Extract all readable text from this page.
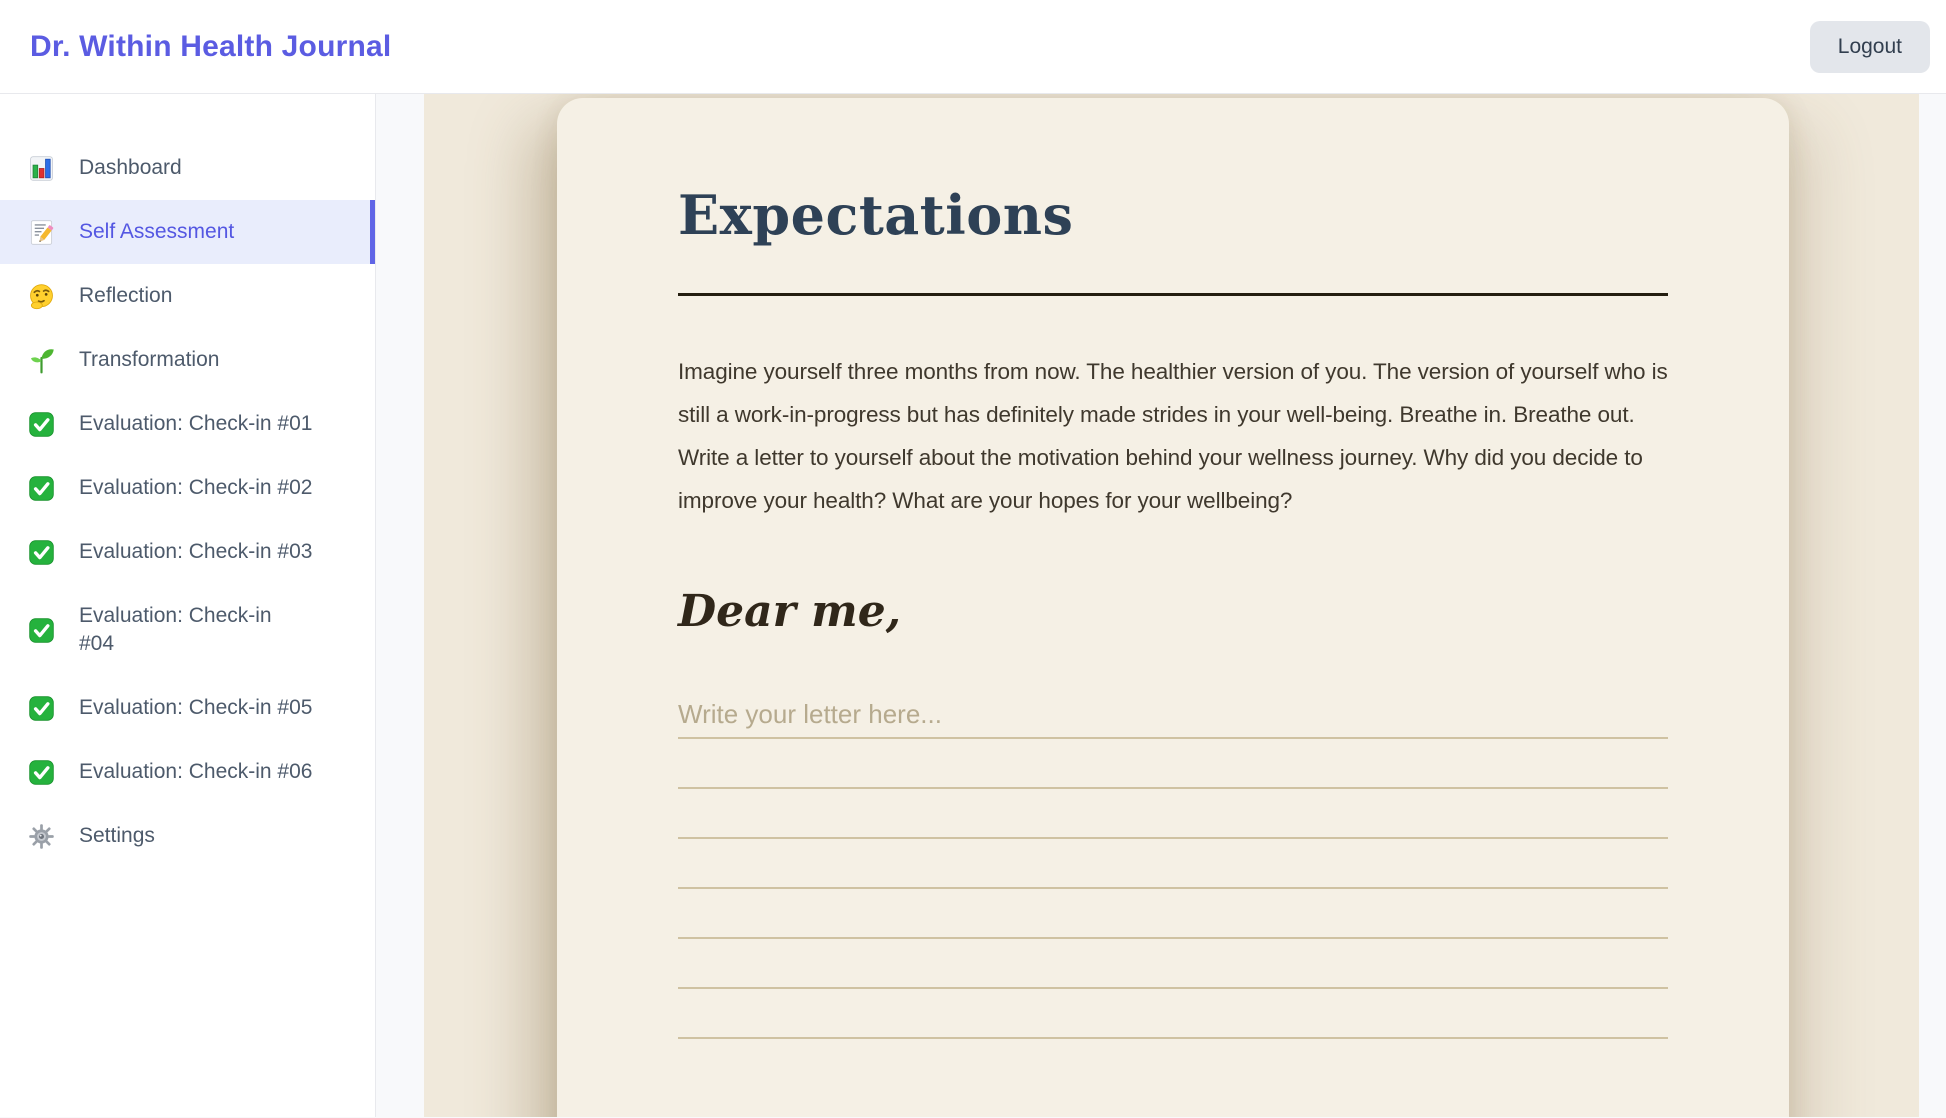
Dr. Within Health Journal	Logout
Dashboard
Self Assessment
Reflection
Transformation
Evaluation: Check-in #01
Evaluation: Check-in #02
Evaluation: Check-in #03
Evaluation: Check-in #04
Evaluation: Check-in #05
Evaluation: Check-in #06
Settings
Expectations

Imagine yourself three months from now. The healthier version of you. The version of yourself who is still a work-in-progress but has definitely made strides in your well-being. Breathe in. Breathe out. Write a letter to yourself about the motivation behind your wellness journey. Why did you decide to improve your health? What are your hopes for your wellbeing?

Dear me,
Write your letter here...
